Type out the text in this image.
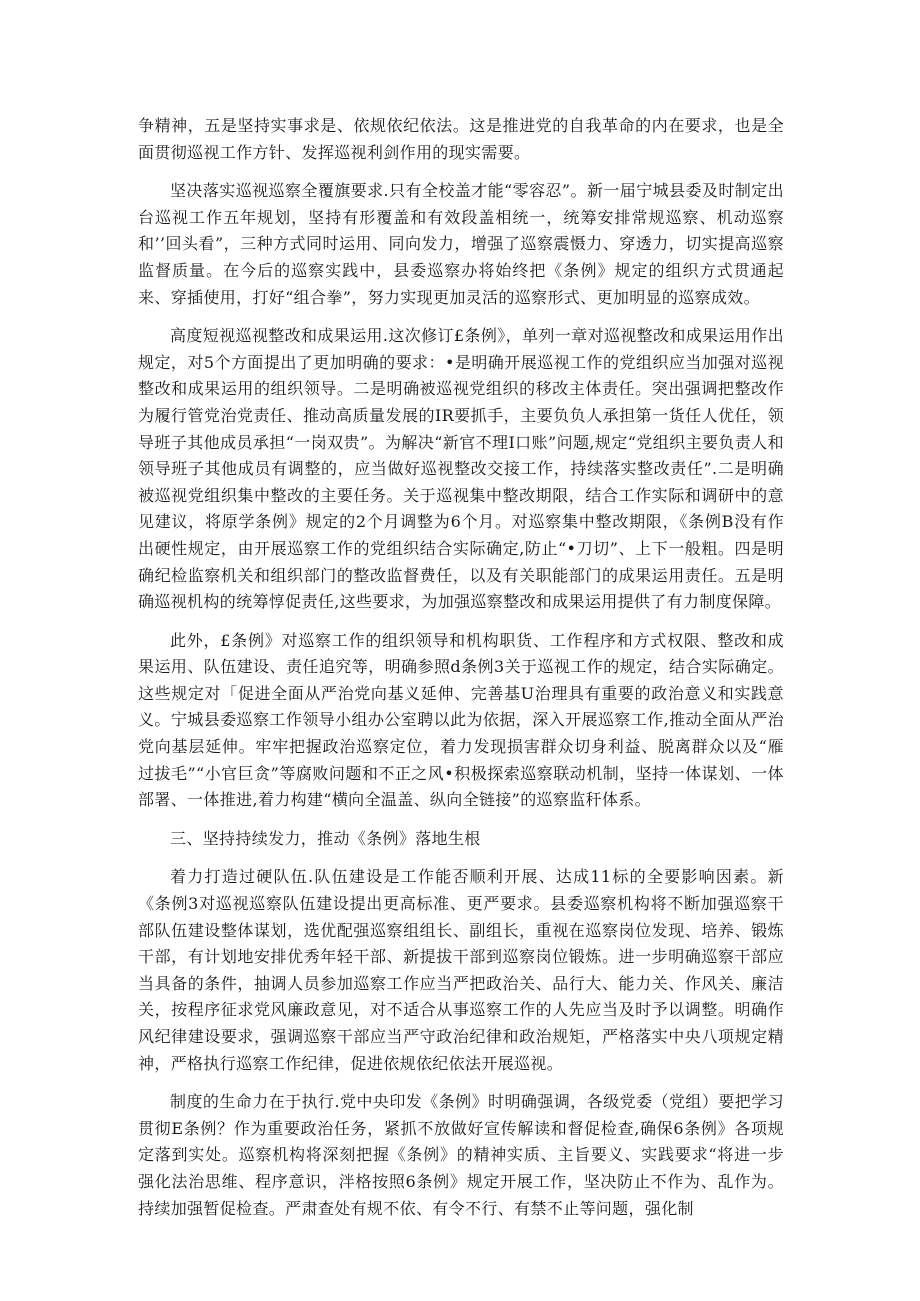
争精神，五是坚持实事求是、依规依纪依法。这是推进党的自我革命的内在要求，也是全面贯彻巡视工作方针、发挥巡视利剑作用的现实需要。

坚决落实巡视巡察全覆旗要求.只有全校盖才能“零容忍”。新一届宁城县委及时制定出台巡视工作五年规划，坚持有形覆盖和有效段盖相统一，统筹安排常规巡察、机动巡察和’’回头看”，三种方式同时运用、同向发力，增强了巡察震慑力、穿透力，切实提高巡察监督质量。在今后的巡察实践中，县委巡察办将始终把《条例》规定的组织方式贯通起来、穿插使用，打好“组合拳”，努力实现更加灵活的巡察形式、更加明显的巡察成效。

高度短视巡视整改和成果运用.这次修订£条例》，单列一章对巡视整改和成果运用作出规定，对5个方面提出了更加明确的要求：•是明确开展巡视工作的党组织应当加强对巡视整改和成果运用的组织领导。二是明确被巡视党组织的移改主体责任。突出强调把整改作为履行管党治党责任、推动高质量发展的IR要抓手，主要负负人承担第一货任人优任，领导班子其他成员承担“一岗双贵”。为解决“新官不理I口账”问题,规定“党组织主要负责人和领导班子其他成员有调整的，应当做好巡视整改交接工作，持续落实整改责任”.二是明确被巡视党组织集中整改的主要任务。关于巡视集中整改期限，结合工作实际和调研中的意见建议，将原学条例》规定的2个月调整为6个月。对巡察集中整改期限，《条例B没有作出硬性规定，由开展巡察工作的党组织结合实际确定,防止“•刀切”、上下一般粗。四是明确纪检监察机关和组织部门的整改监督费任，以及有关职能部门的成果运用责任。五是明确巡视机构的统筹惇促责任,这些要求，为加强巡察整改和成果运用提供了有力制度保障。

此外，£条例》对巡察工作的组织领导和机构职货、工作程序和方式权限、整改和成果运用、队伍建设、责任追究等，明确参照d条例3关于巡视工作的规定，结合实际确定。这些规定对「促进全面从严治党向基义延伸、完善基U治理具有重要的政治意义和实践意义。宁城县委巡察工作领导小组办公室聘以此为依据，深入开展巡察工作,推动全面从严治党向基层延伸。牢牢把握政治巡察定位，着力发现损害群众切身利益、脱离群众以及“雁过拔毛”“小官巨贪”等腐败问题和不正之风•积极探索巡察联动机制，坚持一体谋划、一体部署、一体推进,着力构建“横向全温盖、纵向全链接”的巡察监秆体系。

三、坚持持续发力，推动《条例》落地生根

着力打造过硬队伍.队伍建设是工作能否顺利开展、达成11标的全要影响因素。新《条例3对巡视巡察队伍建设提出更高标准、更严要求。县委巡察机构将不断加强巡察干部队伍建设整体谋划，选优配强巡察组组长、副组长，重视在巡察岗位发现、培养、锻炼干部，有计划地安排优秀年轻干部、新提拔干部到巡察岗位锻炼。进一步明确巡察干部应当具备的条件，抽调人员参加巡察工作应当严把政治关、品行大、能力关、作风关、廉洁关，按程序征求党风廉政意见，对不适合从事巡察工作的人先应当及时予以调整。明确作风纪律建设要求，强调巡察干部应当严守政治纪律和政治规矩，严格落实中央八项规定精神，严格执行巡察工作纪律，促进依规依纪依法开展巡视。

制度的生命力在于执行.党中央印发《条例》时明确强调，各级党委（党组）要把学习贯彻E条例？作为重要政治任务，紧抓不放做好宣传解读和督促检查,确保6条例》各项规定落到实处。巡察机构将深刻把握《条例》的精神实质、主旨要义、实践要求“将进一步强化法治思维、程序意识，泮格按照6条例》规定开展工作，坚决防止不作为、乱作为。持续加强暂促检查。严肃查处有规不依、有令不行、有禁不止等问题，强化制
